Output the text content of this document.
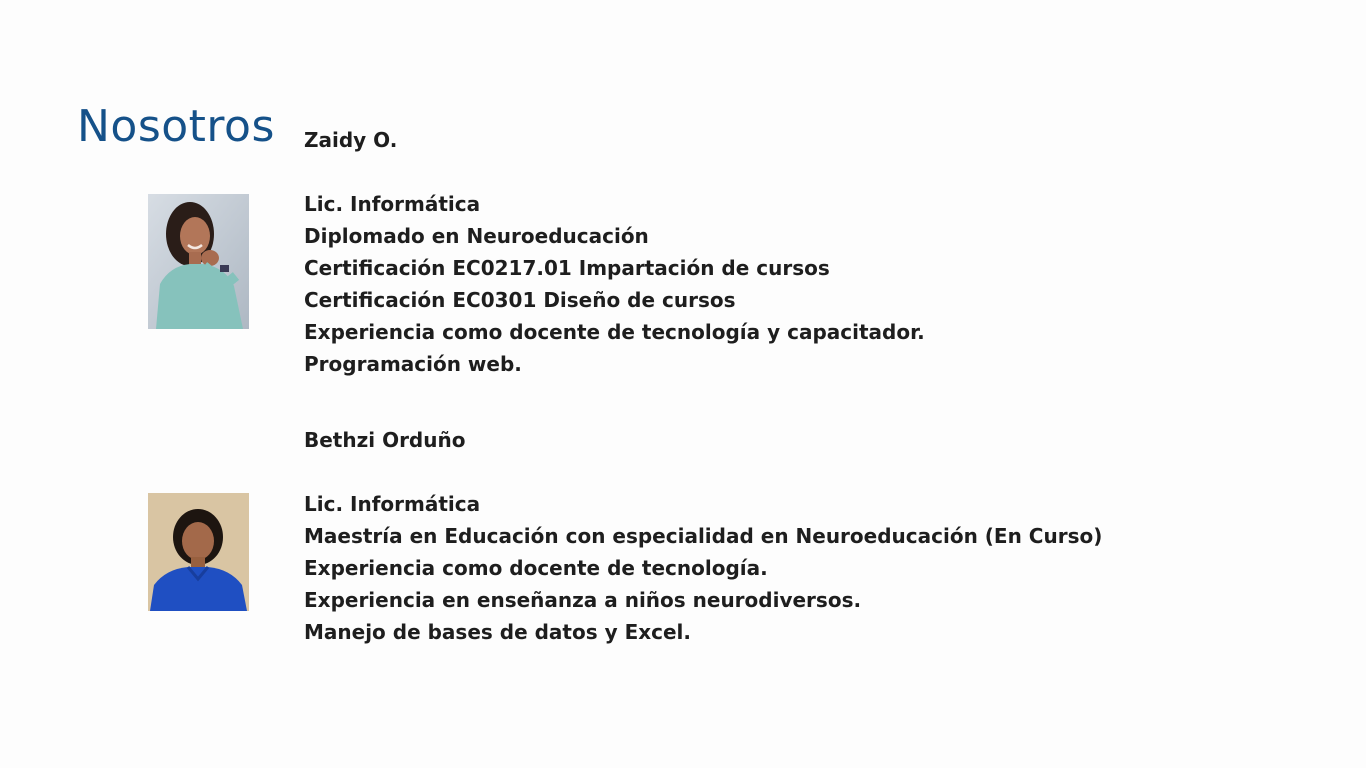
Nosotros Zaidy O.
Lic. Informática
Diplomado en Neuroeducación
Certificación EC0217.01 Impartación de cursos
Certificación EC0301 Diseño de cursos
Experiencia como docente de tecnología y capacitador.
Programación web.
Bethzi Orduño
Lic. Informática
Maestría en Educación con especialidad en Neuroeducación (En Curso)
Experiencia como docente de tecnología.
Experiencia en enseñanza a niños neurodiversos.
Manejo de bases de datos y Excel.
